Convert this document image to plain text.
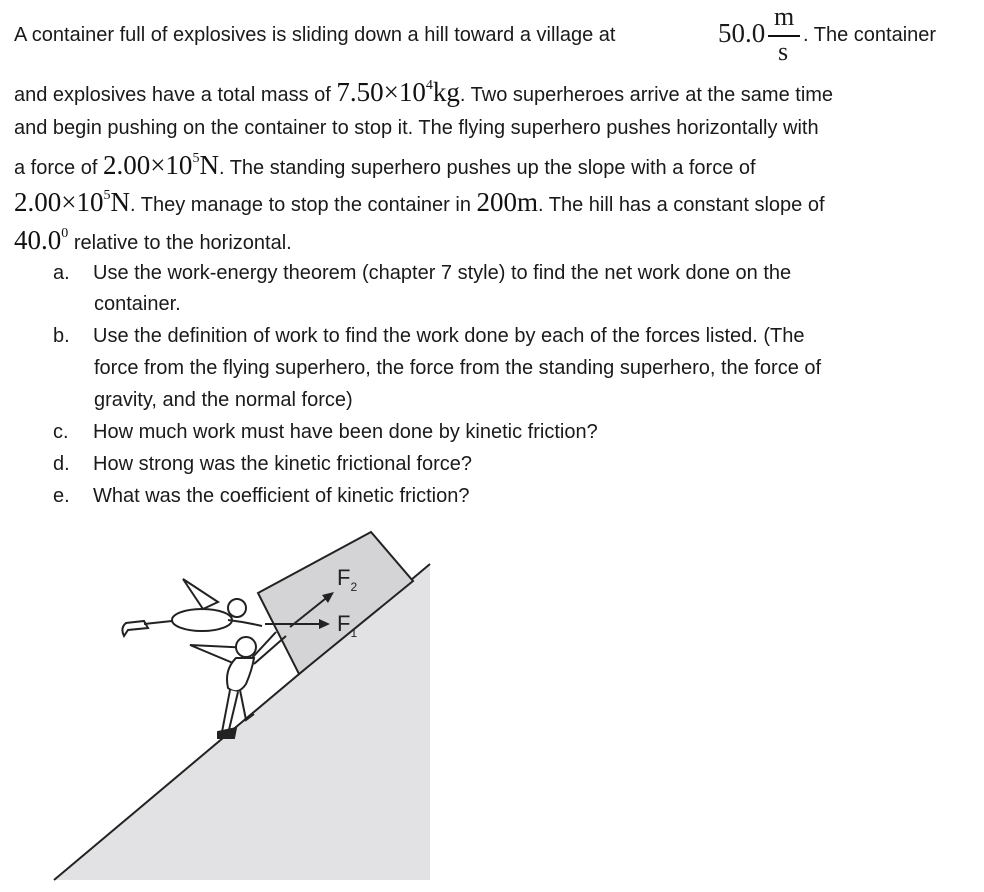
A container full of explosives is sliding down a hill toward a village at	50.0
m
s
. The container
and explosives have a total mass of $7.50\times 10^4kg$. Two superheroes arrive at the same time
and begin pushing on the container to stop it. The flying superhero pushes horizontally with
a force of $2.00\times 10^5N$. The standing superhero pushes up the slope with a force of
$2.00\times 10^5N$. They manage to stop the container in 200m. The hill has a constant slope of
40.0$^0$ relative to the horizontal.
a. Use the work-energy theorem (chapter 7 style) to find the net work done on the
container.
b. Use the definition of work to find the work done by each of the forces listed. (The
force from the flying superhero, the force from the standing superhero, the force of
gravity, and the normal force)
c. How much work must have been done by kinetic friction?
d. How strong was the kinetic frictional force?
e. What was the coefficient of kinetic friction?
$F_2$
$F_1$
